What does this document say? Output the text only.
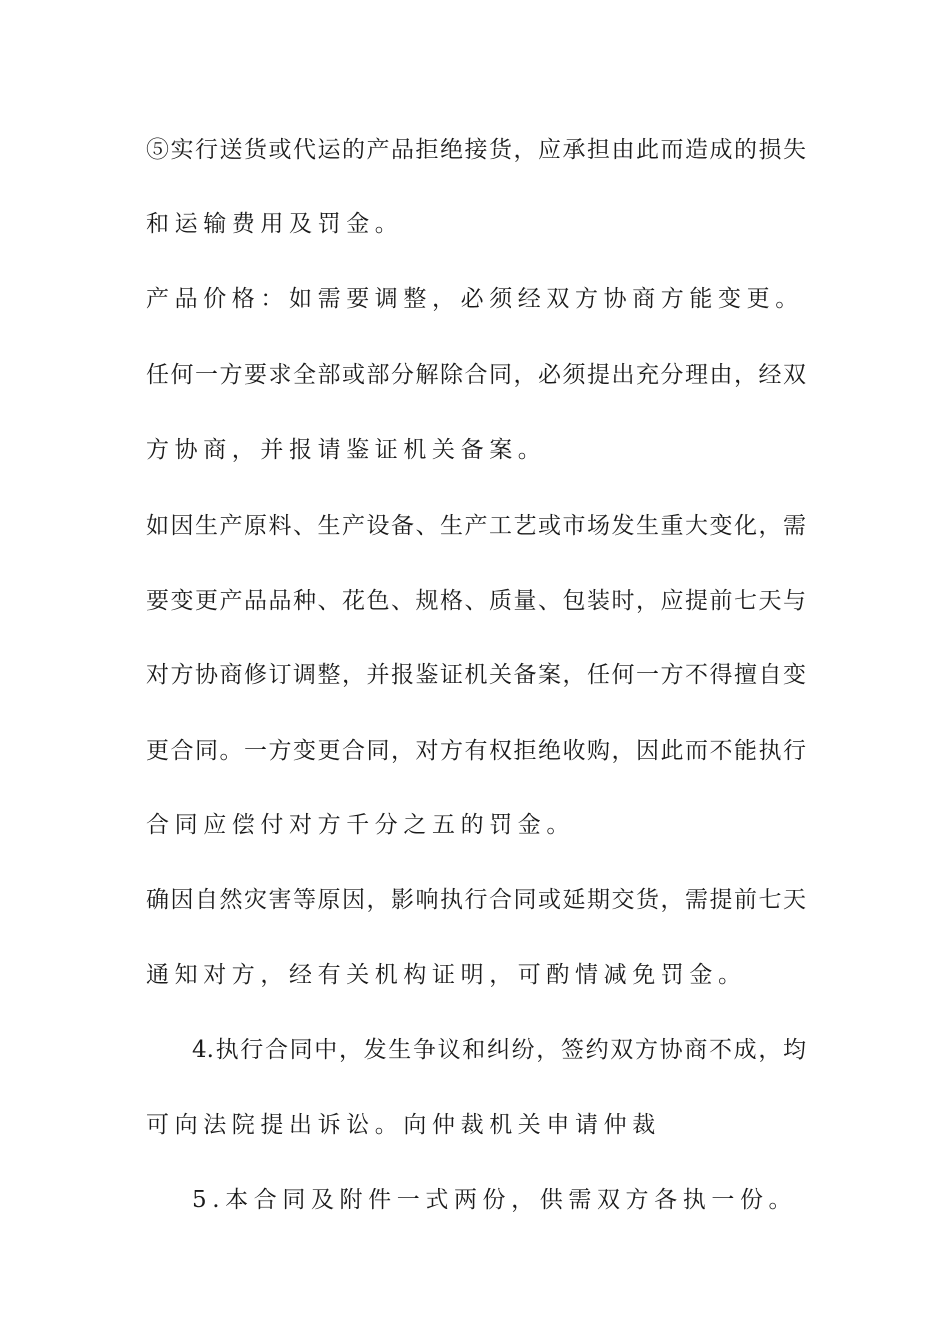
⑤实行送货或代运的产品拒绝接货，应承担由此而造成的损失
和运输费用及罚金。
产品价格：如需要调整，必须经双方协商方能变更。
任何一方要求全部或部分解除合同，必须提出充分理由，经双
方协商，并报请鉴证机关备案。
如因生产原料、生产设备、生产工艺或市场发生重大变化，需
要变更产品品种、花色、规格、质量、包装时，应提前七天与
对方协商修订调整，并报鉴证机关备案，任何一方不得擅自变
更合同。一方变更合同，对方有权拒绝收购，因此而不能执行
合同应偿付对方千分之五的罚金。
确因自然灾害等原因，影响执行合同或延期交货，需提前七天
通知对方，经有关机构证明，可酌情减免罚金。
4.执行合同中，发生争议和纠纷，签约双方协商不成，均
可向法院提出诉讼。向仲裁机关申请仲裁
5.本合同及附件一式两份，供需双方各执一份。
